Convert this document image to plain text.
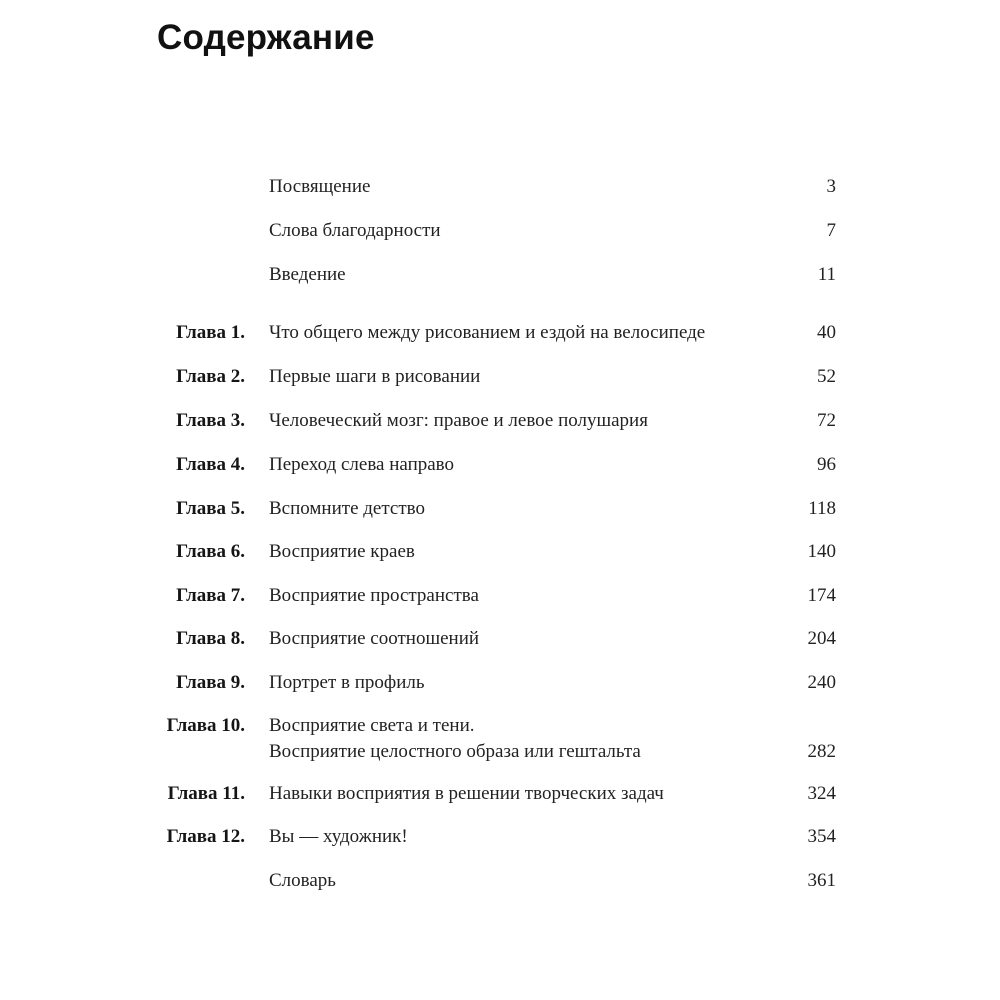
Содержание
Посвящение	3
Слова благодарности	7
Введение	11
Глава 1. Что общего между рисованием и ездой на велосипеде	40
Глава 2. Первые шаги в рисовании	52
Глава 3. Человеческий мозг: правое и левое полушария	72
Глава 4. Переход слева направо	96
Глава 5. Вспомните детство	118
Глава 6. Восприятие краев	140
Глава 7. Восприятие пространства	174
Глава 8. Восприятие соотношений	204
Глава 9. Портрет в профиль	240
Глава 10. Восприятие света и тени.
Восприятие целостного образа или гештальта	282
Глава 11. Навыки восприятия в решении творческих задач	324
Глава 12. Вы — художник!	354
Словарь	361
